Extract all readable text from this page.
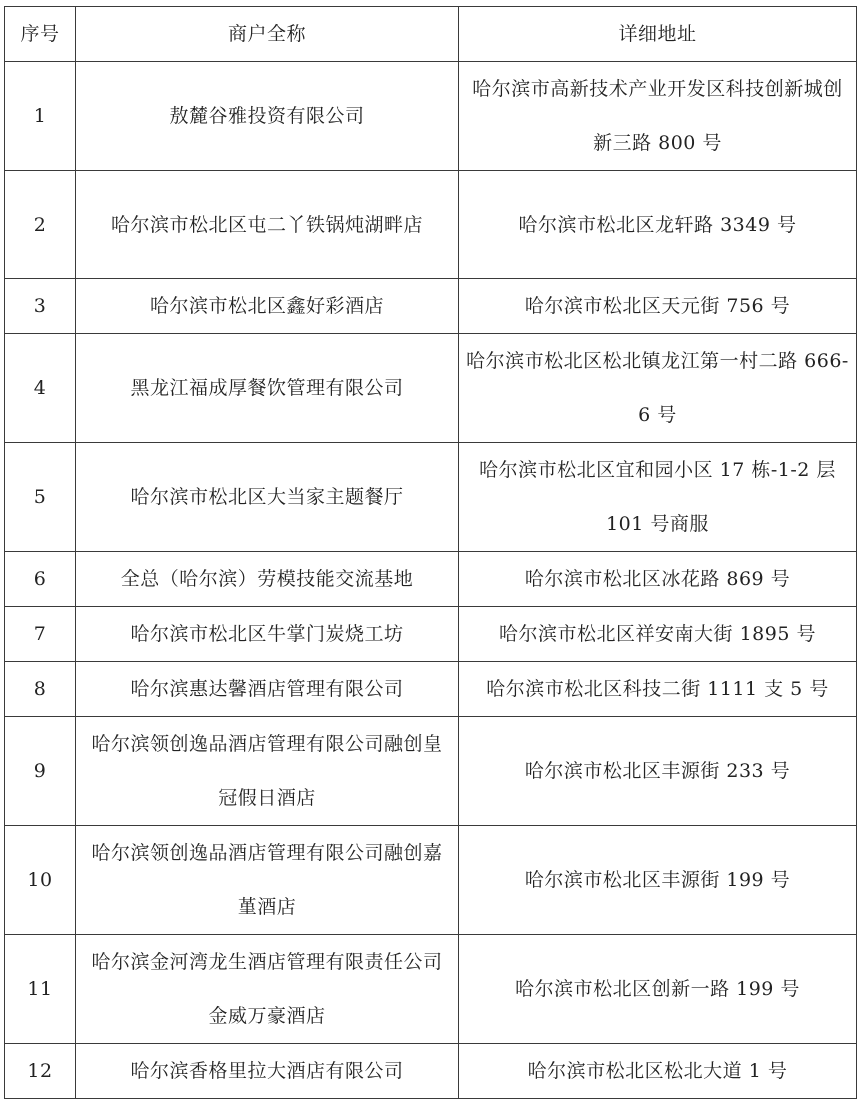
序号	商户全称	详细地址
1	敖麓谷雅投资有限公司	哈尔滨市高新技术产业开发区科技创新城创新三路 800 号
2	哈尔滨市松北区屯二丫铁锅炖湖畔店	哈尔滨市松北区龙轩路 3349 号
3	哈尔滨市松北区鑫好彩酒店	哈尔滨市松北区天元街 756 号
4	黑龙江福成厚餐饮管理有限公司	哈尔滨市松北区松北镇龙江第一村二路 666-6 号
5	哈尔滨市松北区大当家主题餐厅	哈尔滨市松北区宜和园小区 17 栋-1-2 层 101 号商服
6	全总（哈尔滨）劳模技能交流基地	哈尔滨市松北区冰花路 869 号
7	哈尔滨市松北区牛掌门炭烧工坊	哈尔滨市松北区祥安南大街 1895 号
8	哈尔滨惠达馨酒店管理有限公司	哈尔滨市松北区科技二街 1111 支 5 号
9	哈尔滨领创逸品酒店管理有限公司融创皇冠假日酒店	哈尔滨市松北区丰源街 233 号
10	哈尔滨领创逸品酒店管理有限公司融创嘉堇酒店	哈尔滨市松北区丰源街 199 号
11	哈尔滨金河湾龙生酒店管理有限责任公司金威万豪酒店	哈尔滨市松北区创新一路 199 号
12	哈尔滨香格里拉大酒店有限公司	哈尔滨市松北区松北大道 1 号
